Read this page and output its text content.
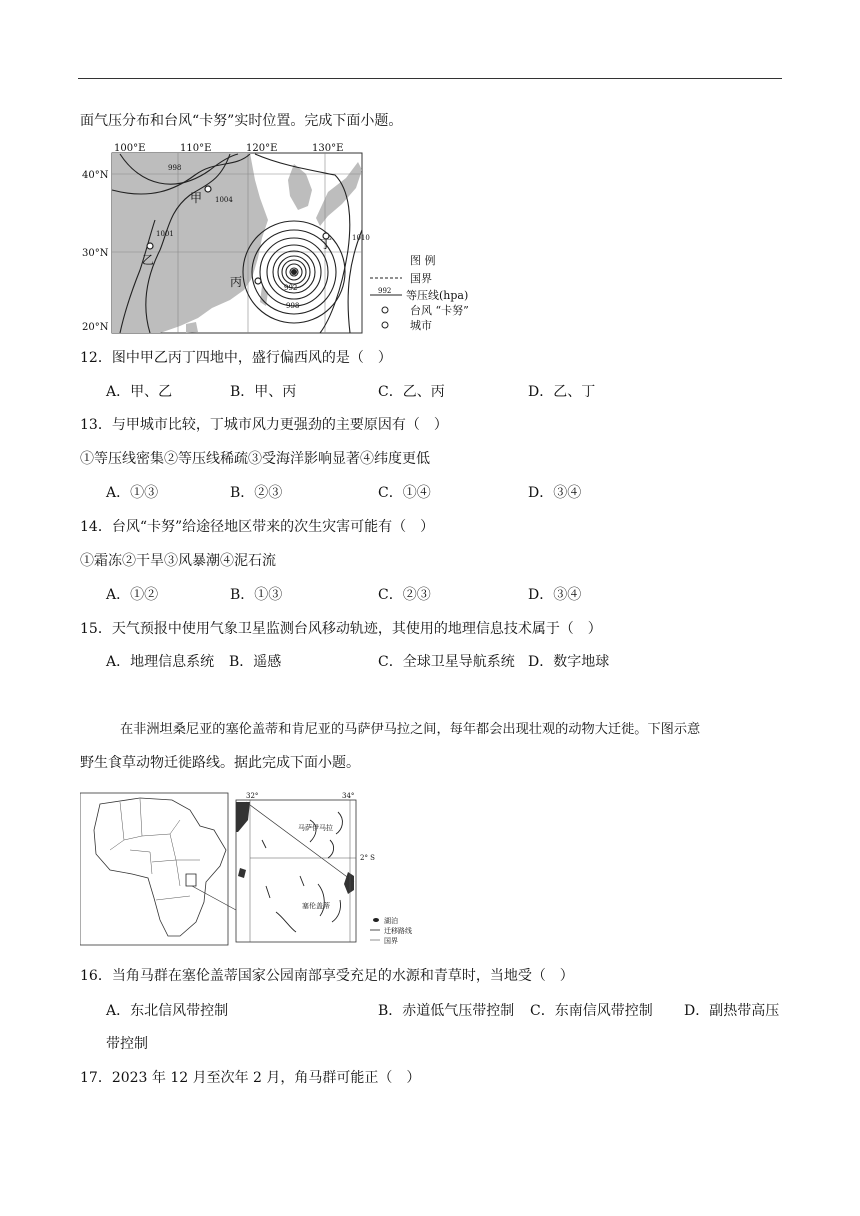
面气压分布和台风“卡努”实时位置。完成下面小题。
100°E	110°E	120°E	130°E
40°N
30°N
20°N
甲
乙
丙
丁
998
1004
1001	1010
992
998
图 例
国界
992 等压线(hpa)
台风 “卡努”
城市
12．图中甲乙丙丁四地中，盛行偏西风的是（　）
A．甲、乙	B．甲、丙	C．乙、丙	D．乙、丁
13．与甲城市比较，丁城市风力更强劲的主要原因有（　）
①等压线密集②等压线稀疏③受海洋影响显著④纬度更低
A．①③	B．②③	C．①④	D．③④
14．台风“卡努”给途径地区带来的次生灾害可能有（　）
①霜冻②干旱③风暴潮④泥石流
A．①②	B．①③	C．②③	D．③④
15．天气预报中使用气象卫星监测台风移动轨迹，其使用的地理信息技术属于（　）
A．地理信息系统 B．遥感	C．全球卫星导航系统 D．数字地球
在非洲坦桑尼亚的塞伦盖蒂和肯尼亚的马萨伊马拉之间，每年都会出现壮观的动物大迁徙。下图示意
野生食草动物迁徙路线。据此完成下面小题。
32°	34°
2° S
马萨伊马拉
塞伦盖蒂
湖泊
迁移路线
国界
16．当角马群在塞伦盖蒂国家公园南部享受充足的水源和青草时，当地受（　）
A．东北信风带控制	B．赤道低气压带控制 C．东南信风带控制 D．副热带高压
带控制
17．2023 年 12 月至次年 2 月，角马群可能正（　）
